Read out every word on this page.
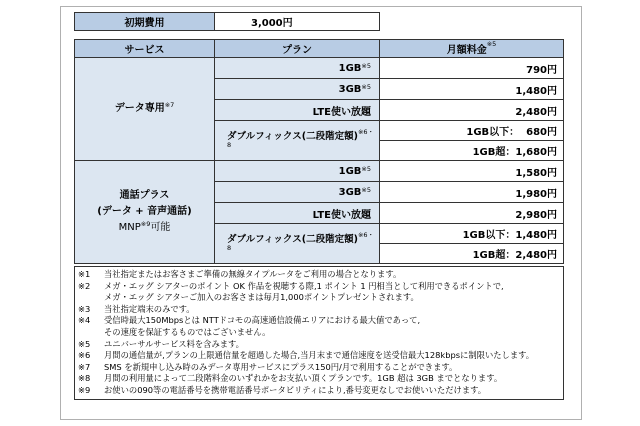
初期費用	3,000円
サービス	プラン	月額料金$^{※5}$
データ専用$^{※7}$	1GB$^{※5}$	790円
	3GB$^{※5}$	1,480円
	LTE使い放題	2,480円
	ダブルフィックス(二段階定額)$^{※6・8}$	1GB以下： 680円
		1GB超：1,680円

通話プラス
(データ + 音声通話)
MNP$^{※9}$可能	1GB$^{※5}$	1,580円
	3GB$^{※5}$	1,980円
	LTE使い放題	2,980円
	ダブルフィックス(二段階定額)$^{※6・8}$	1GB以下：1,480円
		1GB超：2,480円
※1 当社指定またはお客さまご準備の無線タイプルータをご利用の場合となります。
※2 メガ・エッグ シアターのポイント OK 作品を視聴する際,1 ポイント 1 円相当として利用できるポイントで,
メガ・エッグ シアターご加入のお客さまは毎月1,000ポイントプレゼントされます。
※3 当社指定端末のみです。
※4 受信時最大150Mbpsとは NTTドコモの高速通信設備エリアにおける最大値であって,
その速度を保証するものではございません。
※5 ユニバーサルサービス料を含みます。
※6 月間の通信量が,プランの上限通信量を超過した場合,当月末まで通信速度を送受信最大128kbpsに制限いたします。
※7 SMS を新規申し込み時のみデータ専用サービスにプラス150円/月で利用することができます。
※8 月間の利用量によって二段階料金のいずれかをお支払い頂くプランです。1GB 超は 3GB までとなります。
※9 お使いの090等の電話番号を携帯電話番号ポータビリティにより,番号変更なしでお使いいただけます。
